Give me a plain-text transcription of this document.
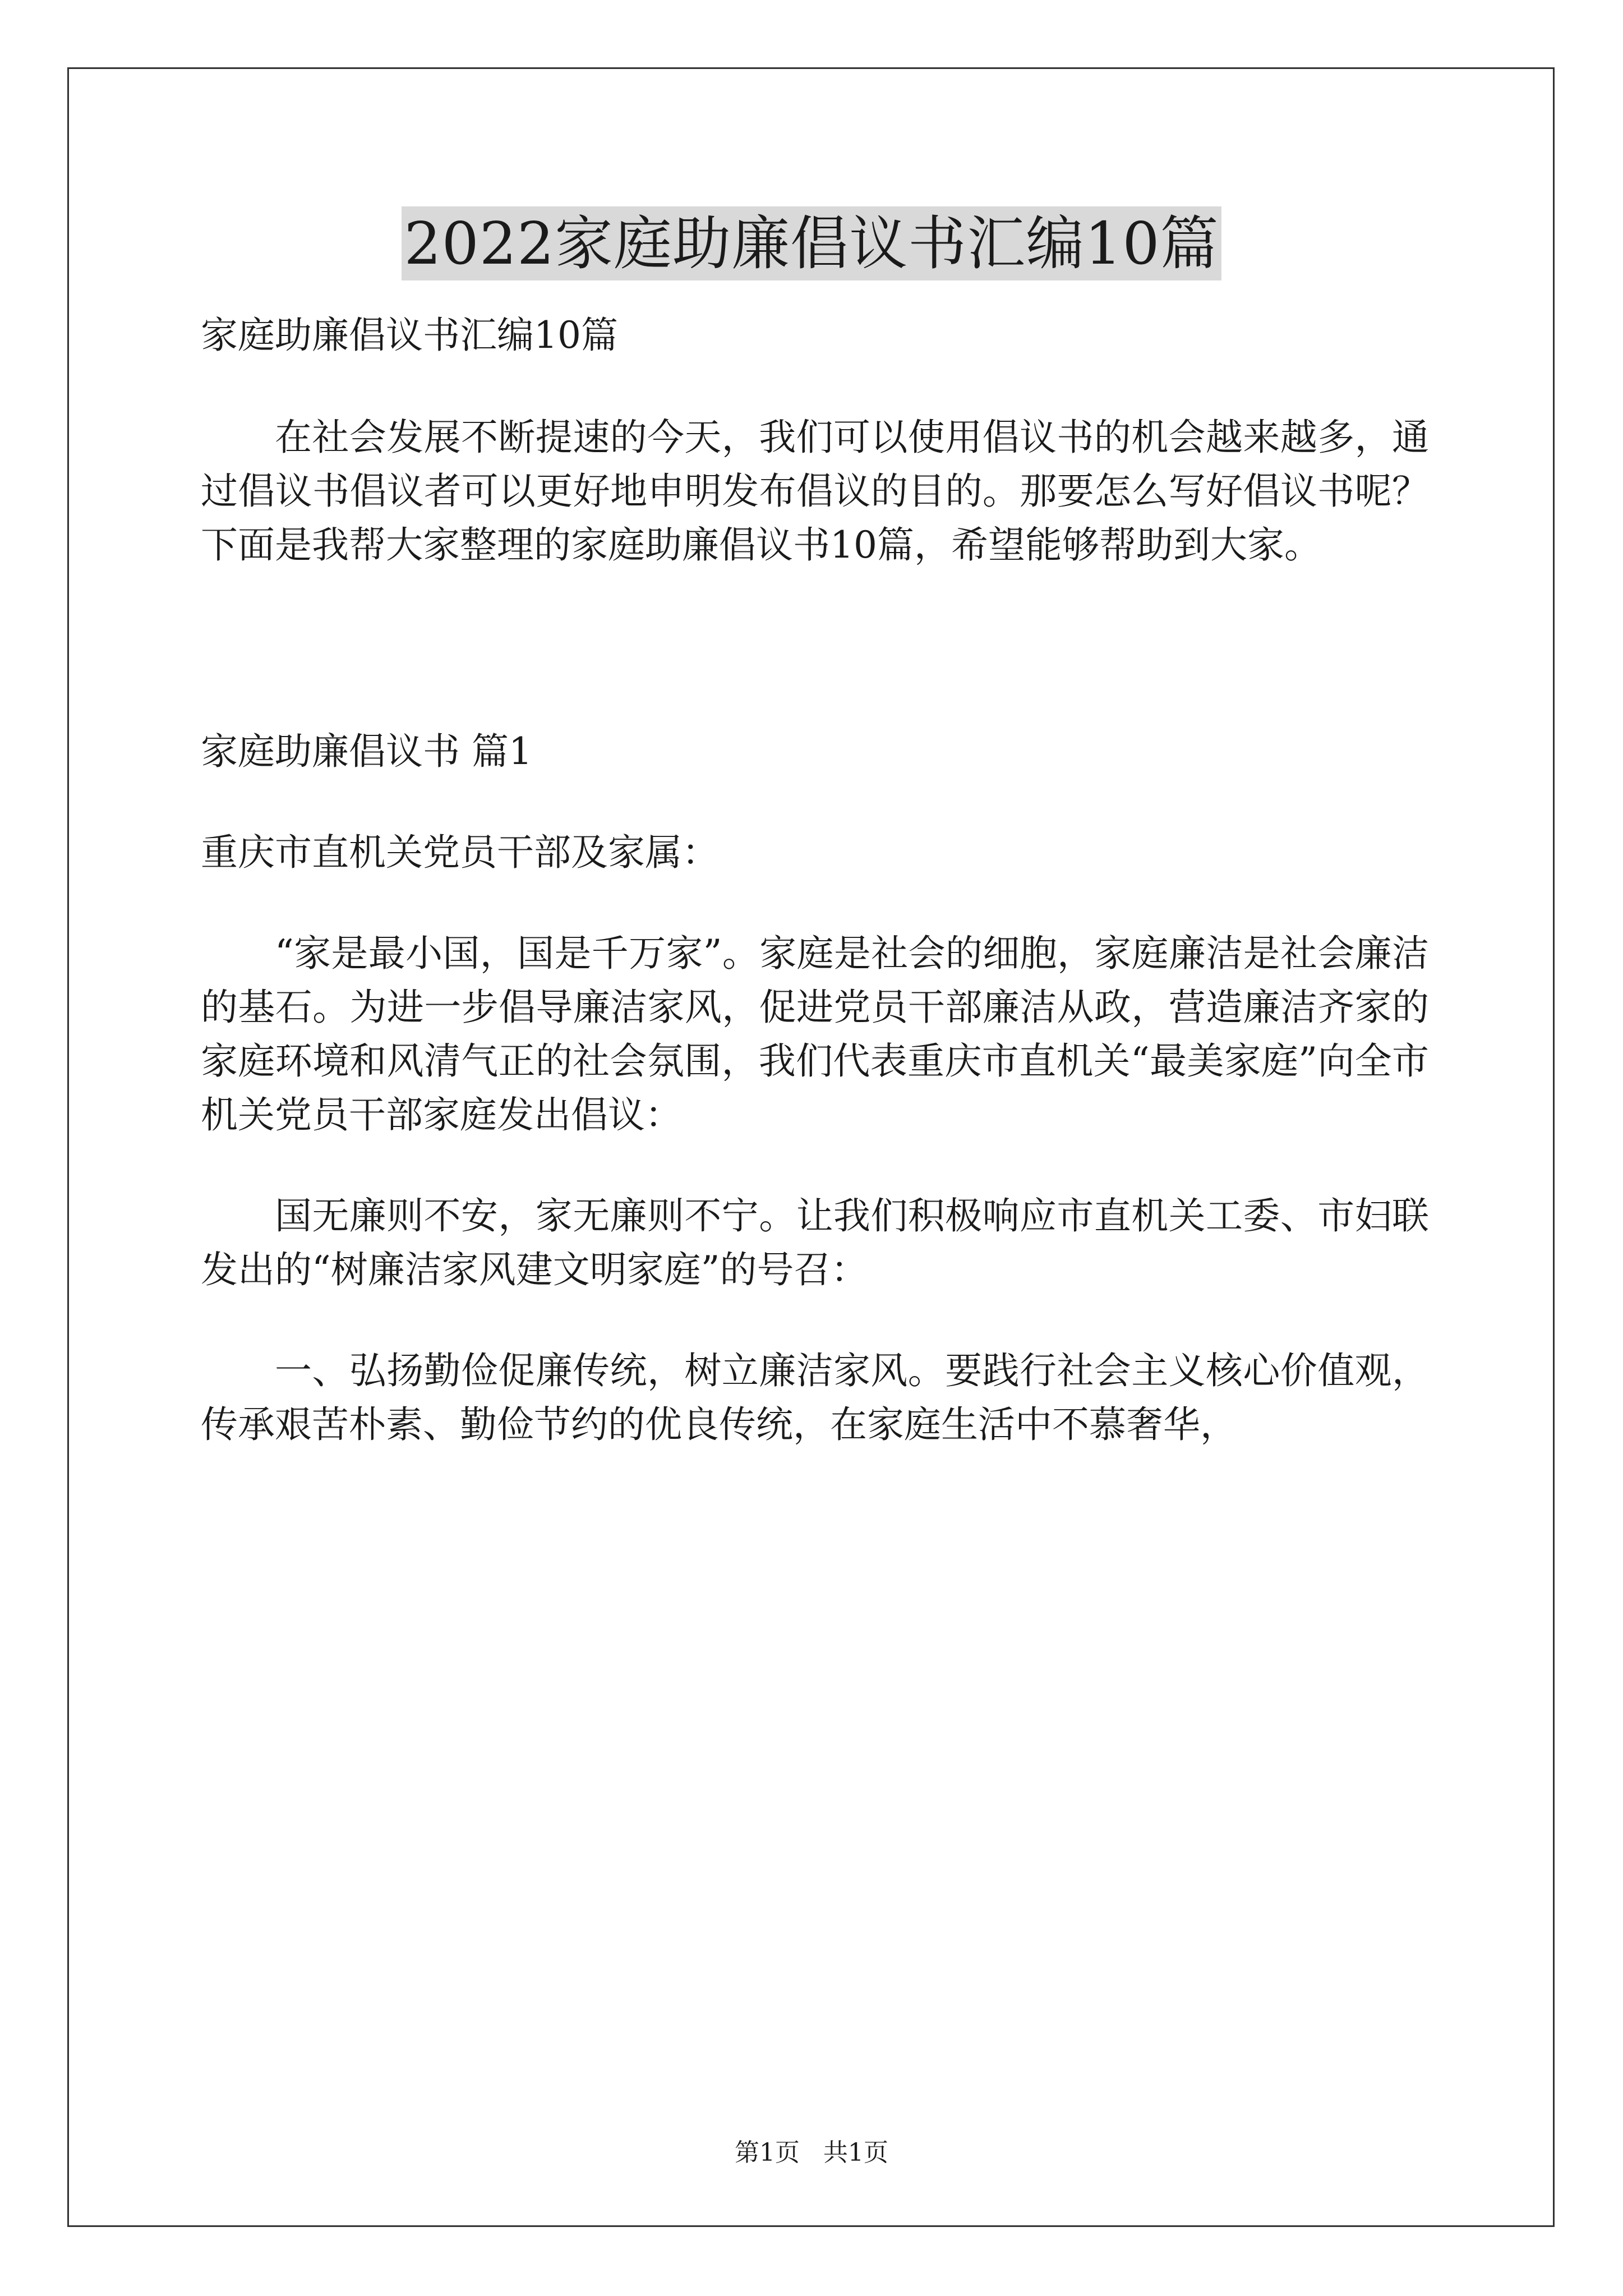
2022家庭助廉倡议书汇编10篇

家庭助廉倡议书汇编10篇

在社会发展不断提速的今天，我们可以使用倡议书的机会越来越多，通过倡议书倡议者可以更好地申明发布倡议的目的。那要怎么写好倡议书呢？下面是我帮大家整理的家庭助廉倡议书10篇，希望能够帮助到大家。

家庭助廉倡议书 篇1

重庆市直机关党员干部及家属：

“家是最小国，国是千万家”。家庭是社会的细胞，家庭廉洁是社会廉洁的基石。为进一步倡导廉洁家风，促进党员干部廉洁从政，营造廉洁齐家的家庭环境和风清气正的社会氛围，我们代表重庆市直机关“最美家庭”向全市机关党员干部家庭发出倡议：

国无廉则不安，家无廉则不宁。让我们积极响应市直机关工委、市妇联发出的“树廉洁家风建文明家庭”的号召：

一、弘扬勤俭促廉传统，树立廉洁家风。要践行社会主义核心价值观，传承艰苦朴素、勤俭节约的优良传统，在家庭生活中不慕奢华，

第1页 共1页
